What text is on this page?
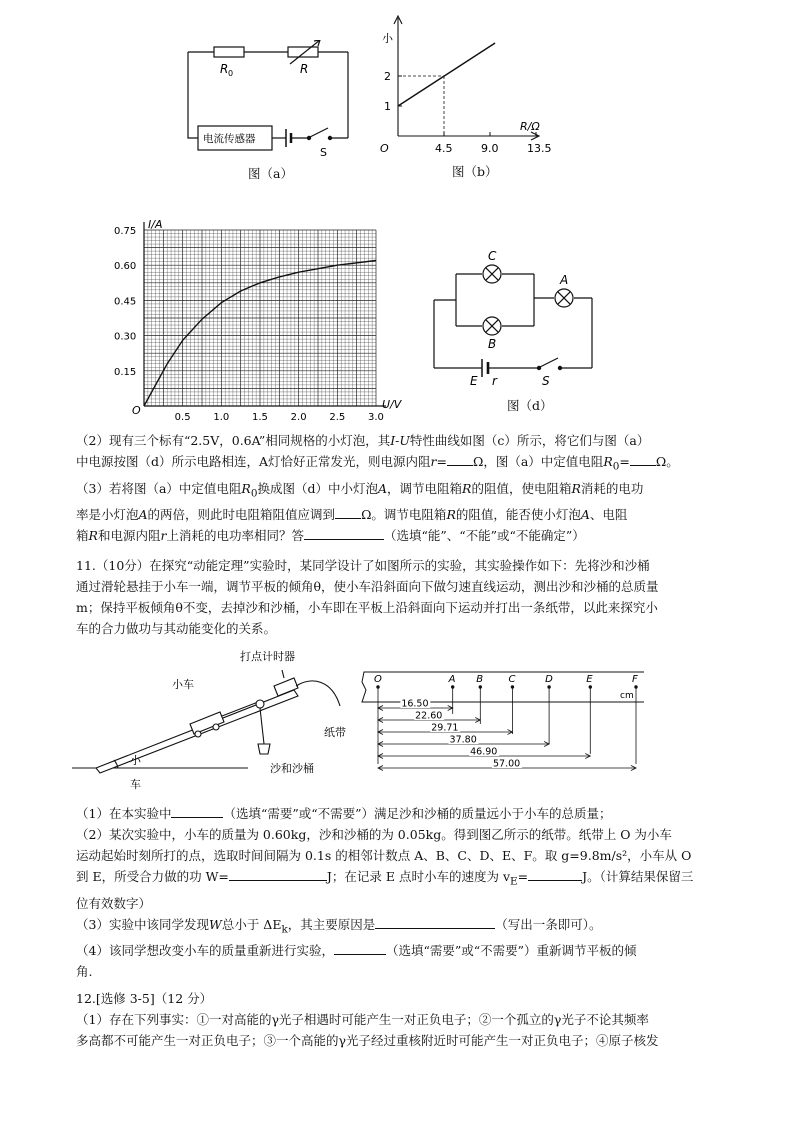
R 0	R
电流传感器
S
图（a）
4.5	9.0	13.5
1
2
小
R/Ω
O
图（b）
0.5 1.0 1.5 2.0 2.5 3.0
0.15
0.30
0.45
0.60
0.75
I/A
U/V
O
C
A
B
E r	S
图（d）

（2）现有三个标有“2.5V，0.6A”相同规格的小灯泡，其I-U特性曲线如图（c）所示，将它们与图（a）

中电源按图（d）所示电路相连，A灯恰好正常发光，则电源内阻r= Ω，图（a）中定值电阻$R_0= \Omega$。

（3）若将图（a）中定值电阻$R_0$换成图（d）中小灯泡A，调节电阻箱R的阻值，使电阻箱R消耗的电功

率是小灯泡A的两倍，则此时电阻箱阻值应调到 Ω。调节电阻箱R的阻值，能否使小灯泡A、电阻

箱R和电源内阻r上消耗的电功率相同？答	（选填“能”、“不能”或“不能确定”）

11.（10分）在探究“动能定理”实验时，某同学设计了如图所示的实验，其实验操作如下：先将沙和沙桶

通过滑轮悬挂于小车一端，调节平板的倾角θ，使小车沿斜面向下做匀速直线运动，测出沙和沙桶的总质量

m；保持平板倾角θ不变，去掉沙和沙桶，小车即在平板上沿斜面向下运动并打出一条纸带，以此来探究小

车的合力做功与其动能变化的关系。

打点计时器
小车
纸带
沙和沙桶
小
车
O	A B	C	D	E	F
cm
16.50
22.60
29.71
37.80
46.90
57.00

（1）在本实验中	（选填“需要”或“不需要”）满足沙和沙桶的质量远小于小车的总质量；

（2）某次实验中，小车的质量为 0.60kg，沙和沙桶的为 0.05kg。得到图乙所示的纸带。纸带上 O 为小车

运动起始时刻所打的点，选取时间间隔为 0.1s 的相邻计数点 A、B、C、D、E、F。取 g=9.8m/s²，小车从 O

到 E，所受合力做的功 W=	J；在记录 E 点时小车的速度为 $v_E=$	J。（计算结果保留三

位有效数字）

（3）实验中该同学发现W总小于 $\Delta E_k$，其主要原因是	（写出一条即可）。

（4）该同学想改变小车的质量重新进行实验，	（选填“需要”或“不需要”）重新调节平板的倾

角.

12.[选修 3-5]（12 分）

（1）存在下列事实：①一对高能的γ光子相遇时可能产生一对正负电子；②一个孤立的γ光子不论其频率

多高都不可能产生一对正负电子；③一个高能的γ光子经过重核附近时可能产生一对正负电子；④原子核发
